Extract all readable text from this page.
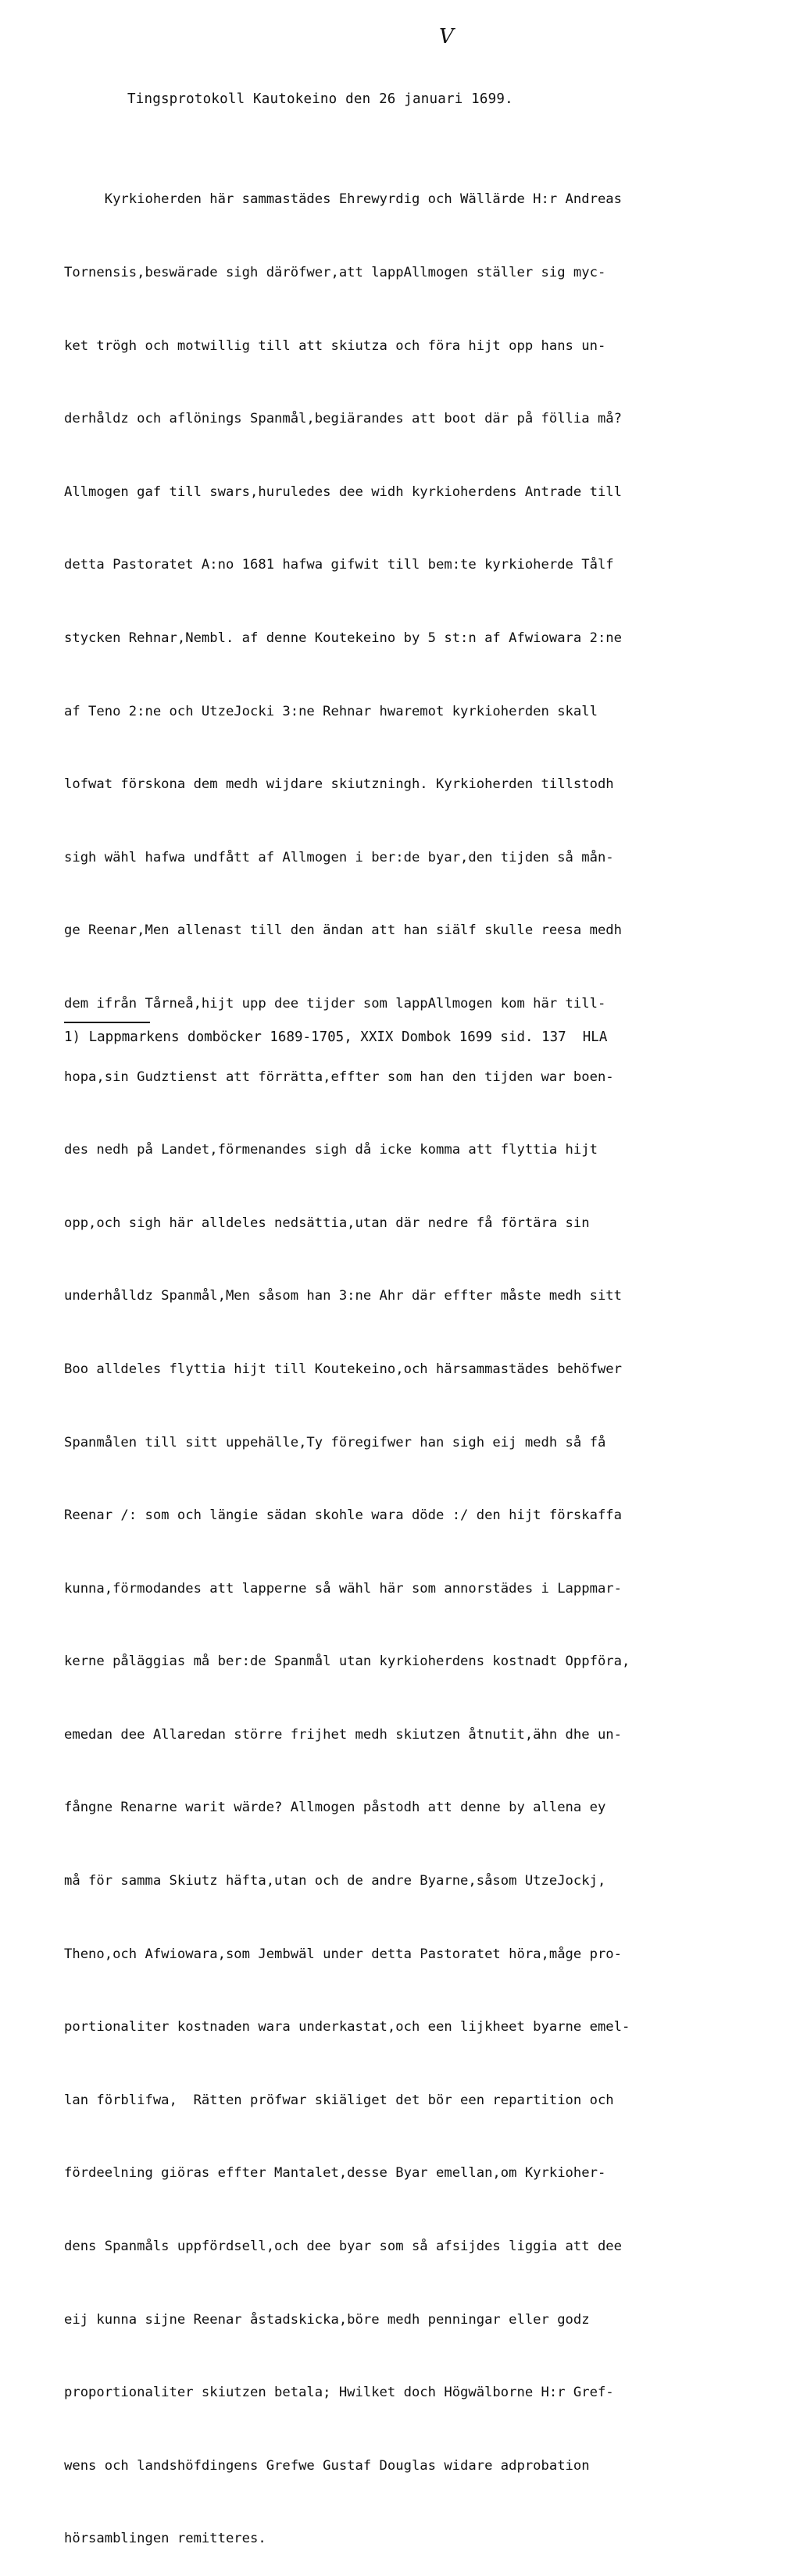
V
Tingsprotokoll Kautokeino den 26 januari 1699.

Kyrkioherden här sammastädes Ehrewyrdig och Wällärde H:r Andreas

Tornensis,beswärade sigh däröfwer,att lappAllmogen ställer sig myc-

ket trögh och motwillig till att skiutza och föra hijt opp hans un-

derhåldz och aflönings Spanmål,begiärandes att boot där på föllia må?

Allmogen gaf till swars,huruledes dee widh kyrkioherdens Antrade till

detta Pastoratet A:no 1681 hafwa gifwit till bem:te kyrkioherde Tålf

stycken Rehnar,Nembl. af denne Koutekeino by 5 st:n af Afwiowara 2:ne

af Teno 2:ne och UtzeJocki 3:ne Rehnar hwaremot kyrkioherden skall

lofwat förskona dem medh wijdare skiutzningh. Kyrkioherden tillstodh

sigh wähl hafwa undfått af Allmogen i ber:de byar,den tijden så mån-

ge Reenar,Men allenast till den ändan att han siälf skulle reesa medh

dem ifrån Tårneå,hijt upp dee tijder som lappAllmogen kom här till-

hopa,sin Gudztienst att förrätta,effter som han den tijden war boen-

des nedh på Landet,förmenandes sigh då icke komma att flyttia hijt

opp,och sigh här alldeles nedsättia,utan där nedre få förtära sin

underhålldz Spanmål,Men såsom han 3:ne Ahr där effter måste medh sitt

Boo alldeles flyttia hijt till Koutekeino,och härsammastädes behöfwer

Spanmålen till sitt uppehälle,Ty föregifwer han sigh eij medh så få

Reenar /: som och längie sädan skohle wara döde :/ den hijt förskaffa

kunna,förmodandes att lapperne så wähl här som annorstädes i Lappmar-

kerne påläggias må ber:de Spanmål utan kyrkioherdens kostnadt Oppföra,

emedan dee Allaredan större frijhet medh skiutzen åtnutit,ähn dhe un-

fångne Renarne warit wärde? Allmogen påstodh att denne by allena ey

må för samma Skiutz häfta,utan och de andre Byarne,såsom UtzeJockj,

Theno,och Afwiowara,som Jembwäl under detta Pastoratet höra,måge pro-

portionaliter kostnaden wara underkastat,och een lijkheet byarne emel-

lan förblifwa,  Rätten pröfwar skiäliget det bör een repartition och

fördeelning giöras effter Mantalet,desse Byar emellan,om Kyrkioher-

dens Spanmåls uppfördsell,och dee byar som så afsijdes liggia att dee

eij kunna sijne Reenar åstadskicka,böre medh penningar eller godz

proportionaliter skiutzen betala; Hwilket doch Högwälborne H:r Gref-

wens och landshöfdingens Grefwe Gustaf Douglas widare adprobation

hörsamblingen remitteres.

1) Lappmarkens domböcker 1689-1705, XXIX Dombok 1699 sid. 137  HLA
